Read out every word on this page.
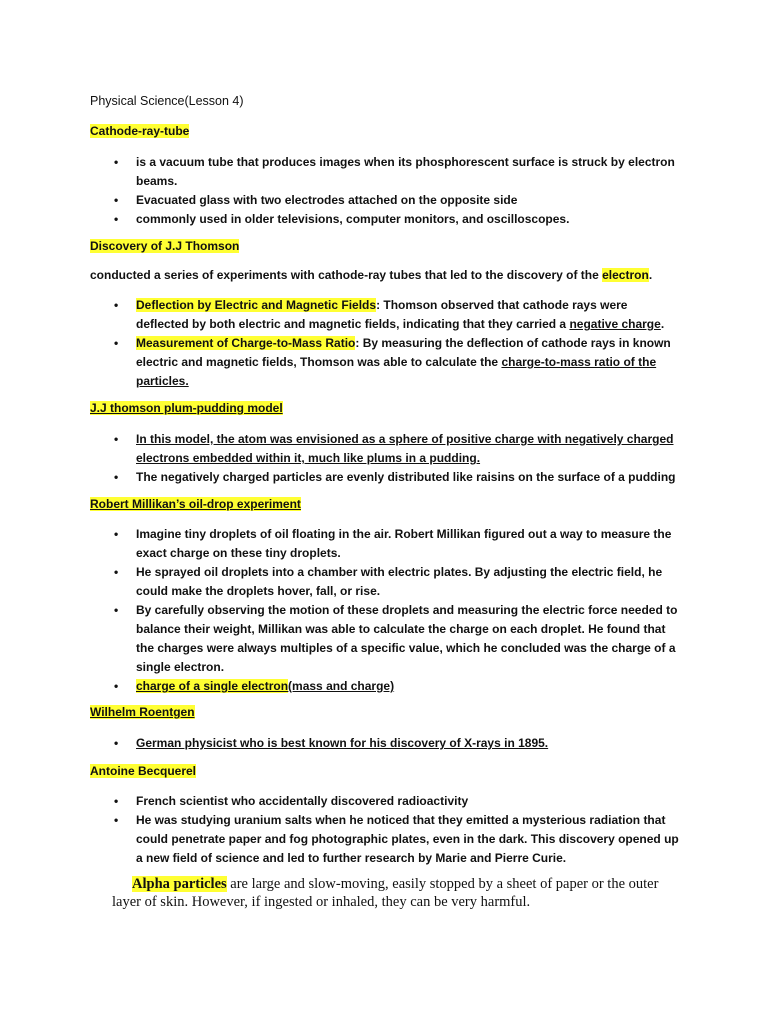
Physical Science(Lesson 4)
Cathode-ray-tube
• is a vacuum tube that produces images when its phosphorescent surface is struck by electron beams.
• Evacuated glass with two electrodes attached on the opposite side
• commonly used in older televisions, computer monitors, and oscilloscopes.
Discovery of J.J Thomson
conducted a series of experiments with cathode-ray tubes that led to the discovery of the electron.
• Deflection by Electric and Magnetic Fields: Thomson observed that cathode rays were deflected by both electric and magnetic fields, indicating that they carried a negative charge.
• Measurement of Charge-to-Mass Ratio: By measuring the deflection of cathode rays in known electric and magnetic fields, Thomson was able to calculate the charge-to-mass ratio of the particles.
J.J thomson plum-pudding model
• In this model, the atom was envisioned as a sphere of positive charge with negatively charged electrons embedded within it, much like plums in a pudding.
• The negatively charged particles are evenly distributed like raisins on the surface of a pudding
Robert Millikan’s oil-drop experiment
• Imagine tiny droplets of oil floating in the air. Robert Millikan figured out a way to measure the exact charge on these tiny droplets.
• He sprayed oil droplets into a chamber with electric plates. By adjusting the electric field, he could make the droplets hover, fall, or rise.
• By carefully observing the motion of these droplets and measuring the electric force needed to balance their weight, Millikan was able to calculate the charge on each droplet. He found that the charges were always multiples of a specific value, which he concluded was the charge of a single electron.
• charge of a single electron(mass and charge)
Wilhelm Roentgen
• German physicist who is best known for his discovery of X-rays in 1895.
Antoine Becquerel
• French scientist who accidentally discovered radioactivity
• He was studying uranium salts when he noticed that they emitted a mysterious radiation that could penetrate paper and fog photographic plates, even in the dark. This discovery opened up a new field of science and led to further research by Marie and Pierre Curie.
Alpha particles are large and slow-moving, easily stopped by a sheet of paper or the outer layer of skin. However, if ingested or inhaled, they can be very harmful.
